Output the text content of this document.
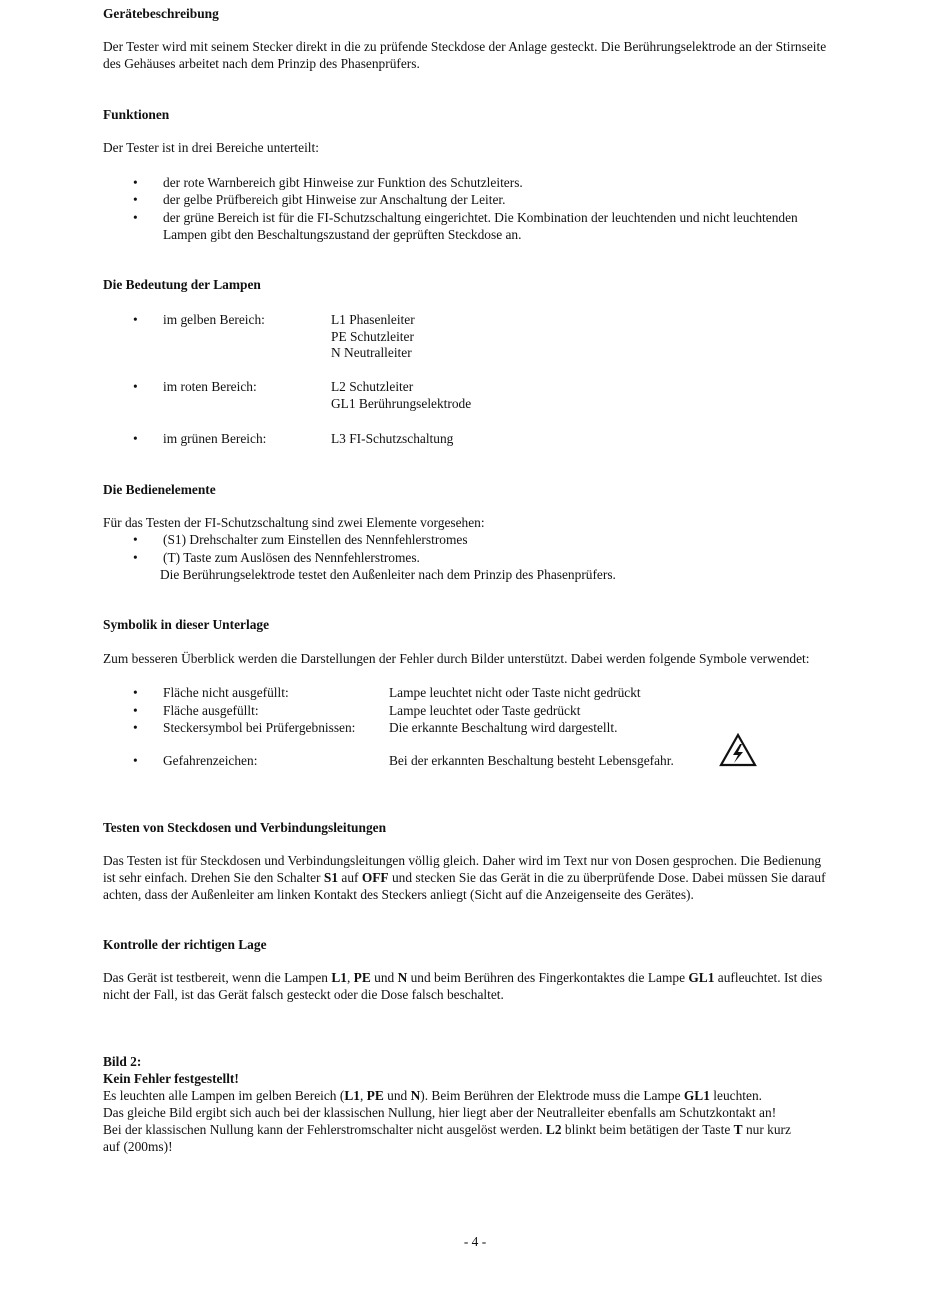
Gerätebeschreibung

Der Tester wird mit seinem Stecker direkt in die zu prüfende Steckdose der Anlage gesteckt. Die Berührungselektrode an der Stirnseite

des Gehäuses arbeitet nach dem Prinzip des Phasenprüfers.

Funktionen

Der Tester ist in drei Bereiche unterteilt:

• der rote Warnbereich gibt Hinweise zur Funktion des Schutzleiters.
• der gelbe Prüfbereich gibt Hinweise zur Anschaltung der Leiter.
• der grüne Bereich ist für die FI-Schutzschaltung eingerichtet. Die Kombination der leuchtenden und nicht leuchtenden
Lampen gibt den Beschaltungszustand der geprüften Steckdose an.
Die Bedeutung der Lampen
• im gelben Bereich:	L1 Phasenleiter
PE Schutzleiter
N Neutralleiter
• im roten Bereich:	L2 Schutzleiter
GL1 Berührungselektrode
• im grünen Bereich:	L3 FI-Schutzschaltung
Die Bedienelemente

Für das Testen der FI-Schutzschaltung sind zwei Elemente vorgesehen:

• (S1) Drehschalter zum Einstellen des Nennfehlerstromes
• (T) Taste zum Auslösen des Nennfehlerstromes.
Die Berührungselektrode testet den Außenleiter nach dem Prinzip des Phasenprüfers.
Symbolik in dieser Unterlage

Zum besseren Überblick werden die Darstellungen der Fehler durch Bilder unterstützt. Dabei werden folgende Symbole verwendet:

• Fläche nicht ausgefüllt:	Lampe leuchtet nicht oder Taste nicht gedrückt
• Fläche ausgefüllt:	Lampe leuchtet oder Taste gedrückt
• Steckersymbol bei Prüfergebnissen:	Die erkannte Beschaltung wird dargestellt.
• Gefahrenzeichen:	Bei der erkannten Beschaltung besteht Lebensgefahr.
Testen von Steckdosen und Verbindungsleitungen

Das Testen ist für Steckdosen und Verbindungsleitungen völlig gleich. Daher wird im Text nur von Dosen gesprochen. Die Bedienung

ist sehr einfach. Drehen Sie den Schalter S1 auf OFF und stecken Sie das Gerät in die zu überprüfende Dose. Dabei müssen Sie darauf

achten, dass der Außenleiter am linken Kontakt des Steckers anliegt (Sicht auf die Anzeigenseite des Gerätes).

Kontrolle der richtigen Lage

Das Gerät ist testbereit, wenn die Lampen L1, PE und N und beim Berühren des Fingerkontaktes die Lampe GL1 aufleuchtet. Ist dies

nicht der Fall, ist das Gerät falsch gesteckt oder die Dose falsch beschaltet.

Bild 2:
Kein Fehler festgestellt!

Es leuchten alle Lampen im gelben Bereich (L1, PE und N). Beim Berühren der Elektrode muss die Lampe GL1 leuchten.

Das gleiche Bild ergibt sich auch bei der klassischen Nullung, hier liegt aber der Neutralleiter ebenfalls am Schutzkontakt an!

Bei der klassischen Nullung kann der Fehlerstromschalter nicht ausgelöst werden. L2 blinkt beim betätigen der Taste T nur kurz

auf (200ms)!

- 4 -
